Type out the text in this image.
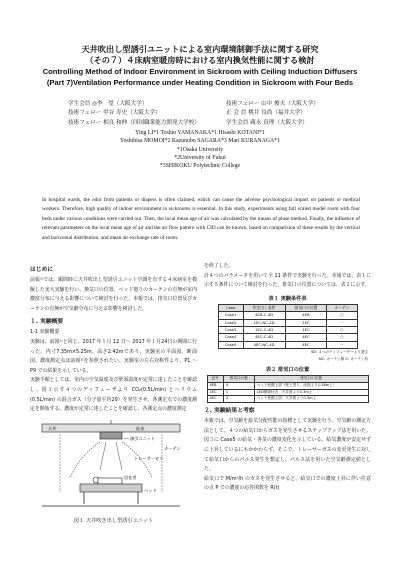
天井吹出し型誘引ユニットによる室内環境制御手法に関する研究
（その７）４床病室暖房時における室内換気性能に関する検討
Controlling Method of Indoor Environment in Sickroom with Ceiling Induction Diffusers
(Part 7)Ventilation Performance under Heating Condition in Sickroom with Four Beds
学生会員 ◎李　瑩（大阪大学）
技術フェロー 甲谷 寿史（大阪大学）
技術フェロー 相良 和伸（四国職業能力開発大学校）
技術フェロー 山中 俊夫（大阪大学）
正 会 員 桃井 良尚（福井大学）
学生会員 蔵永 真理（大阪大学）
Ying LI*1 Toshio YAMANAKA*1 Hisashi KOTANI*1
Yoshihisa MOMOI*2 Kazunobu SAGARA*3 Mari KURANAGA*1
*1Osaka University
*2University of Fukui
*3SHIKOKU Polytechnic College
In hospital wards, the odor from patients or diapers is often claimed, which can cause the adverse psychological impact on patients or medical workers. Therefore, high quality of indoor environment in sickrooms is essential. In this study, experiments using full scaled model room with four beds under various conditions were carried out. Then, the local mean age of air was calculated by the means of pluse method. Finally, the influence of relevant parameters on the local mean age of air and the air flow pattern with CID can be known, based on comparision of these results by the vertical and horizontal distribution, and mean air exchange rate of room.
はじめに

前報¹⁾では、順問時に天井吹出し型誘引ユニット空調を有する４床病室を模擬した実大実験を行い、換気口の位置、ベッド廻りのカーテンの有無が室内濃度分布に与える影響について検討を行った。本報では、排気口位置及びカーテンの有無が空気齢分布に与える影響を検討した。

１. 実験概要

1-1 実験概要

実験は、前報¹⁾と同じ、2017 年１月 12 日〜 2017 年１月24日の期間に行った。内寸7.35m×5.25m、高さ2.42mであり、実験室の平面図、断面図、濃度測定点は前報¹⁾を参照されたい。実験室の左右対称性より、P1 〜 P9 での結果を示している。

実験手順としては、室内の空気温度及び壁面温度が定常に達したことを確認し、図１示す４つのディフューザより CO₂(0.5L/min) とヘリウム (0.5L/min) の混合ガス（分子量平均29）を発生させ、各測定点での濃度測定を開始する。濃度が定常に達したことを確認し、各測定点の濃度測定

天井
誘引ユニット
給気
トレーサーガス
カーテン
居住者
ベッド
図１ 天井吹き出し型誘引ユニット

を終了した。

計４つのパラメータを用いて全 11 条件で実験を行った。本報では、表１に示す５条件について検討を行った。排気口の位置については、表２に示す。

表１ 実験条件表
Case	吹き出し条件	排気口の位置	カーテン
Case1	4EB-C-4D	4EB	○
Case2	1EC-NC-4D	1EC	－
Case3	1EC-C-4D	1EC	○
Case4	4EC-C-4D	4EC	○
Case5	4EC-NC-4D	4EC	－
4D: ４つのディフューザーより発生
NC: カーテン無 C: カーテン有
表２ 排気口の位置
記号	排気口の数	排気口の位置
4EB	4	ベッド枕側上部（壁上寄り、床面より1.58m上）
1EC	1	LED照明付近、天井面より0.3m上
4EC	4	ベッド枕側上部、天井面より0.3m上
２. 実験結果と考察

本報では、空気齢を総気分配性能の指標として実験を行う。空気齢の測定方法として、４つの給気口からガスを発生させるステップアップ法を用いた。 図３に Case5 の給気・各気の濃度変化を示している。給気濃度が安定せずに上昇しているにもかかわらず、そこで、トレーサーガスの変更発生に対して給気口からのパルス発生を想定し、パルス法を用いた空気齢測定値とした。

給気口で M/m³/h のガスを発生させると、給気口での濃度上昇に伴い任意の点 P での濃度の応答関数を R(t)
